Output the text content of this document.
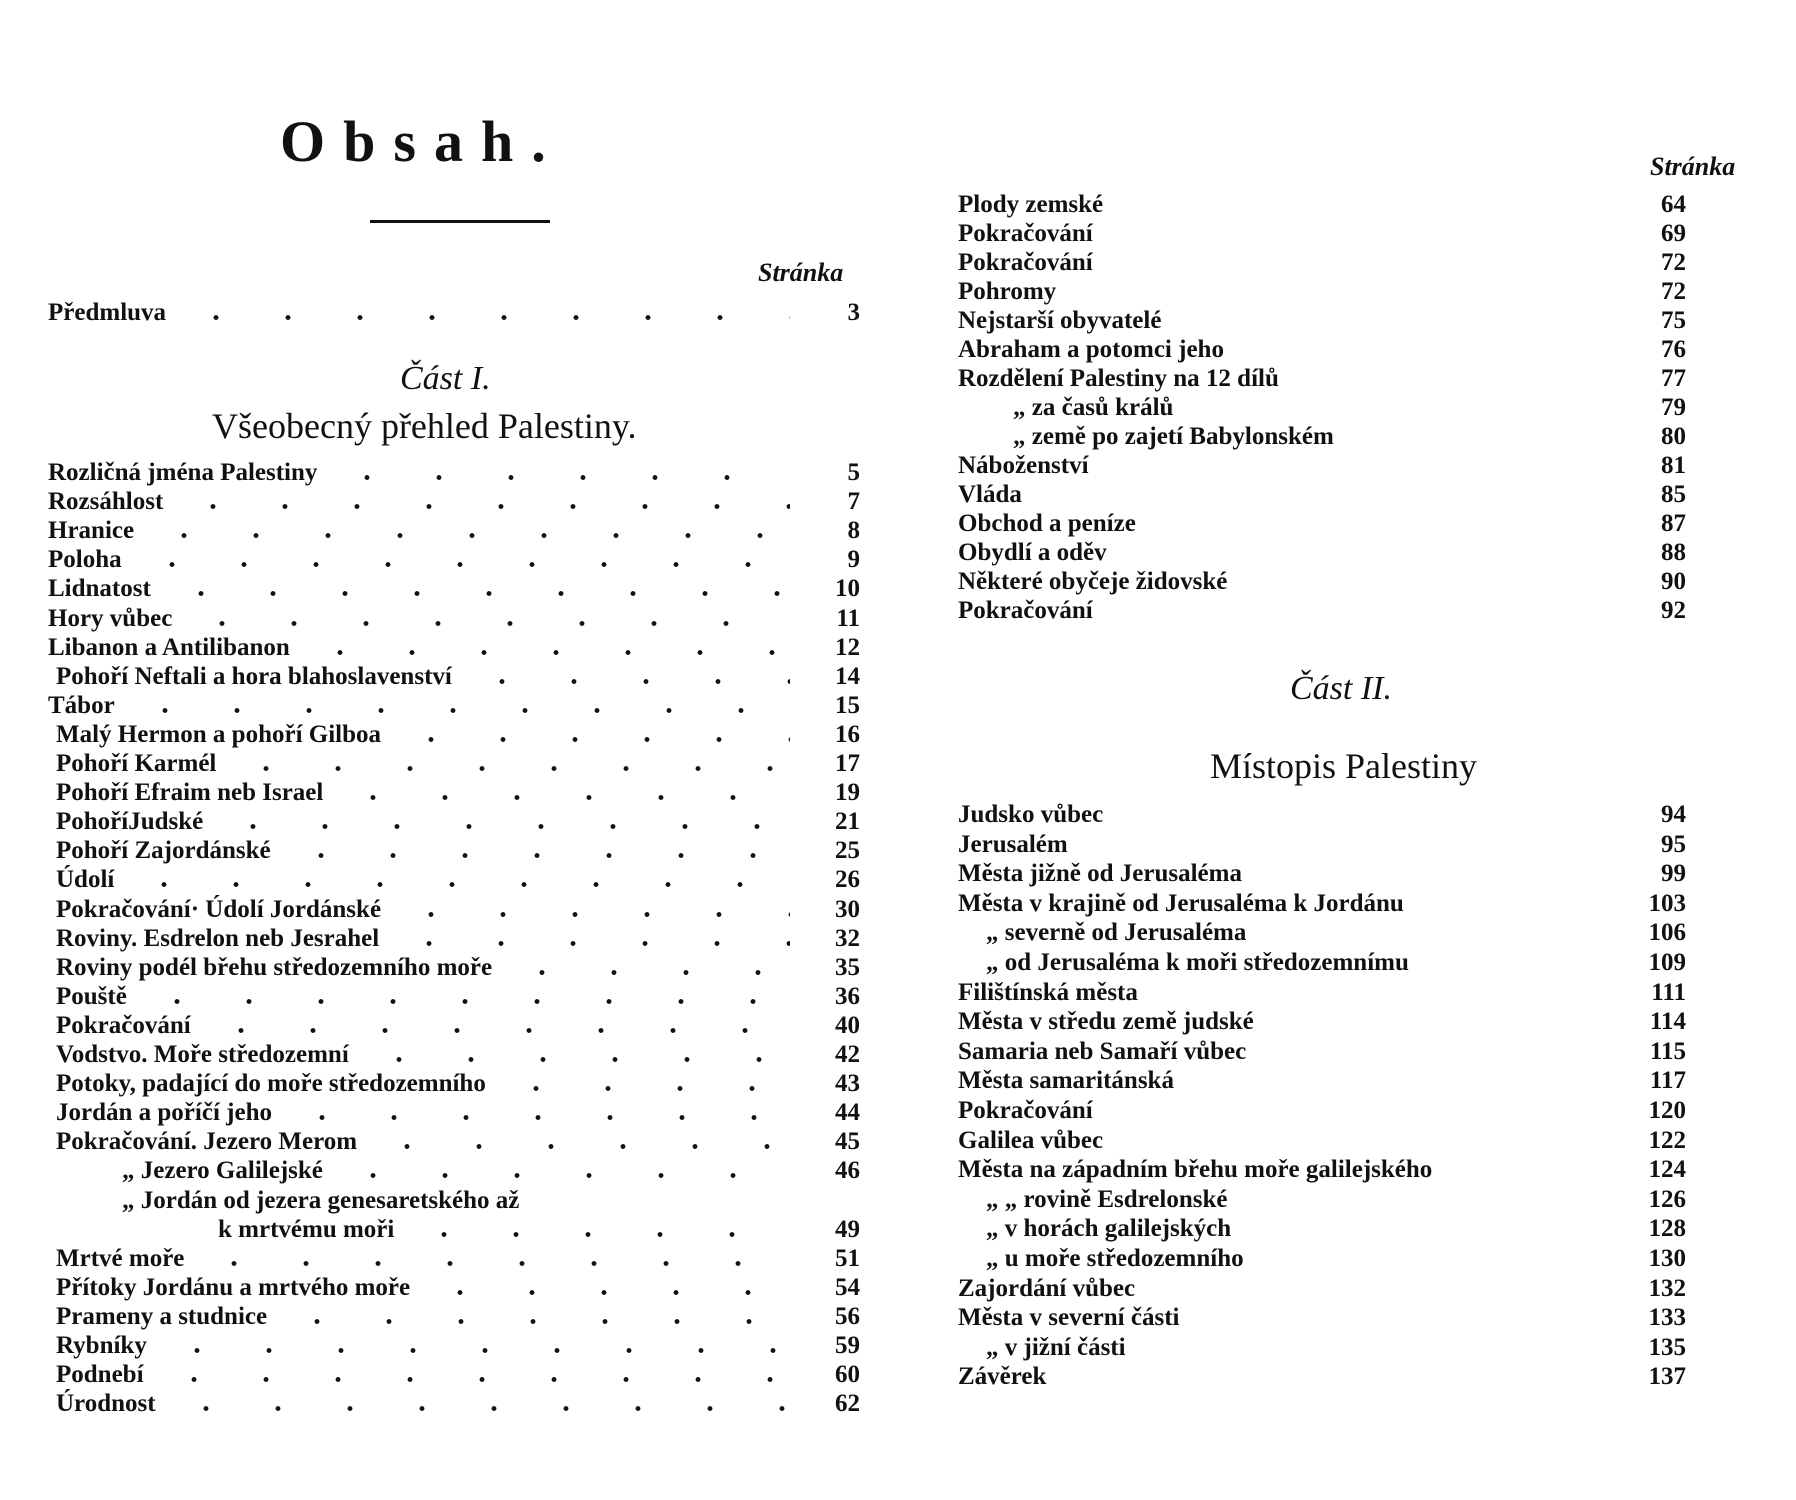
Obsah.
Stránka
Předmluva	3
Část I.
Všeobecný přehled Palestiny.
Rozličná jména Palestiny	5
Rozsáhlost	7
Hranice	8
Poloha	9
Lidnatost	10
Hory vůbec	11
Libanon a Antilibanon	12
Pohoří Neftali a hora blahoslavenství	14
Tábor	15
Malý Hermon a pohoří Gilboa	16
Pohoří Karmél	17
Pohoří Efraim neb Israel	19
PohoříJudské	21
Pohoří Zajordánské	25
Údolí	26
Pokračování· Údolí Jordánské	30
Roviny. Esdrelon neb Jesrahel	32
Roviny podél břehu středozemního moře	35
Pouště	36
Pokračování	40
Vodstvo. Moře středozemní	42
Potoky, padající do moře středozemního	43
Jordán a poříčí jeho	44
Pokračování. Jezero Merom	45
„ Jezero Galilejské	46
„ Jordán od jezera genesaretského až
k mrtvému moři	49
Mrtvé moře	51
Přítoky Jordánu a mrtvého moře	54
Prameny a studnice	56
Rybníky	59
Podnebí	60
Úrodnost	62
Stránka
Plody zemské	64
Pokračování	69
Pokračování	72
Pohromy	72
Nejstarší obyvatelé	75
Abraham a potomci jeho	76
Rozdělení Palestiny na 12 dílů	77
„ za časů králů	79
„ země po zajetí Babylonském	80
Náboženství	81
Vláda	85
Obchod a peníze	87
Obydlí a oděv	88
Některé obyčeje židovské	90
Pokračování	92
Část II.
Místopis Palestiny
Judsko vůbec	94
Jerusalém	95
Města jižně od Jerusaléma	99
Města v krajině od Jerusaléma k Jordánu	103
„ severně od Jerusaléma	106
„ od Jerusaléma k moři středozemnímu	109
Filištínská města	111
Města v středu země judské	114
Samaria neb Samaří vůbec	115
Města samaritánská	117
Pokračování	120
Galilea vůbec	122
Města na západním břehu moře galilejského	124
„ „ rovině Esdrelonské	126
„ v horách galilejských	128
„ u moře středozemního	130
Zajordání vůbec	132
Města v severní části	133
„ v jižní části	135
Závěrek	137
